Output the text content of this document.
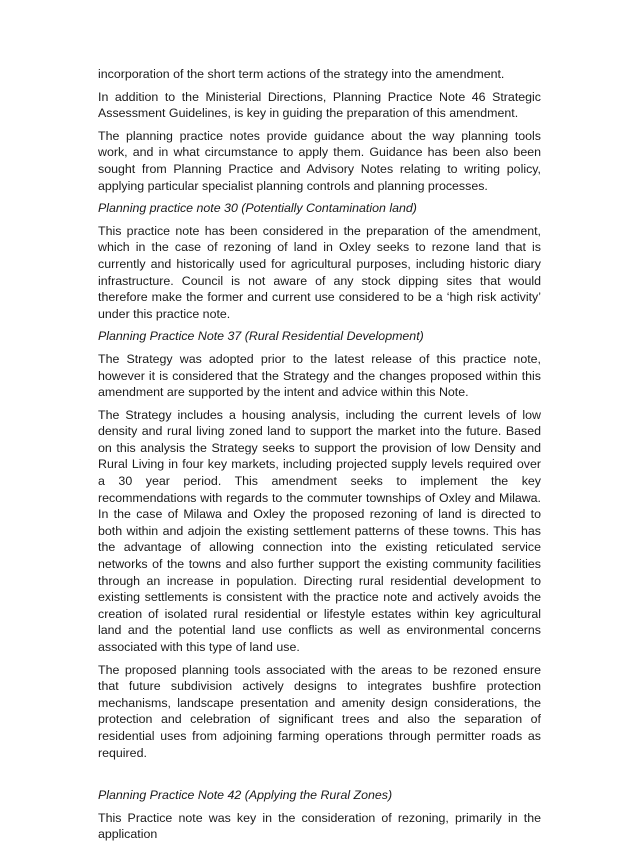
incorporation of the short term actions of the strategy into the amendment.

In addition to the Ministerial Directions, Planning Practice Note 46 Strategic Assessment Guidelines, is key in guiding the preparation of this amendment.

The planning practice notes provide guidance about the way planning tools work, and in what circumstance to apply them. Guidance has been also been sought from Planning Practice and Advisory Notes relating to writing policy, applying particular specialist planning controls and planning processes.

Planning practice note 30 (Potentially Contamination land)

This practice note has been considered in the preparation of the amendment, which in the case of rezoning of land in Oxley seeks to rezone land that is currently and historically used for agricultural purposes, including historic diary infrastructure. Council is not aware of any stock dipping sites that would therefore make the former and current use considered to be a ‘high risk activity’ under this practice note.

Planning Practice Note 37 (Rural Residential Development)

The Strategy was adopted prior to the latest release of this practice note, however it is considered that the Strategy and the changes proposed within this amendment are supported by the intent and advice within this Note.

The Strategy includes a housing analysis, including the current levels of low density and rural living zoned land to support the market into the future. Based on this analysis the Strategy seeks to support the provision of low Density and Rural Living in four key markets, including projected supply levels required over a 30 year period. This amendment seeks to implement the key recommendations with regards to the commuter townships of Oxley and Milawa. In the case of Milawa and Oxley the proposed rezoning of land is directed to both within and adjoin the existing settlement patterns of these towns. This has the advantage of allowing connection into the existing reticulated service networks of the towns and also further support the existing community facilities through an increase in population. Directing rural residential development to existing settlements is consistent with the practice note and actively avoids the creation of isolated rural residential or lifestyle estates within key agricultural land and the potential land use conflicts as well as environmental concerns associated with this type of land use.

The proposed planning tools associated with the areas to be rezoned ensure that future subdivision actively designs to integrates bushfire protection mechanisms, landscape presentation and amenity design considerations, the protection and celebration of significant trees and also the separation of residential uses from adjoining farming operations through permitter roads as required.

Planning Practice Note 42 (Applying the Rural Zones)

This Practice note was key in the consideration of rezoning, primarily in the application
